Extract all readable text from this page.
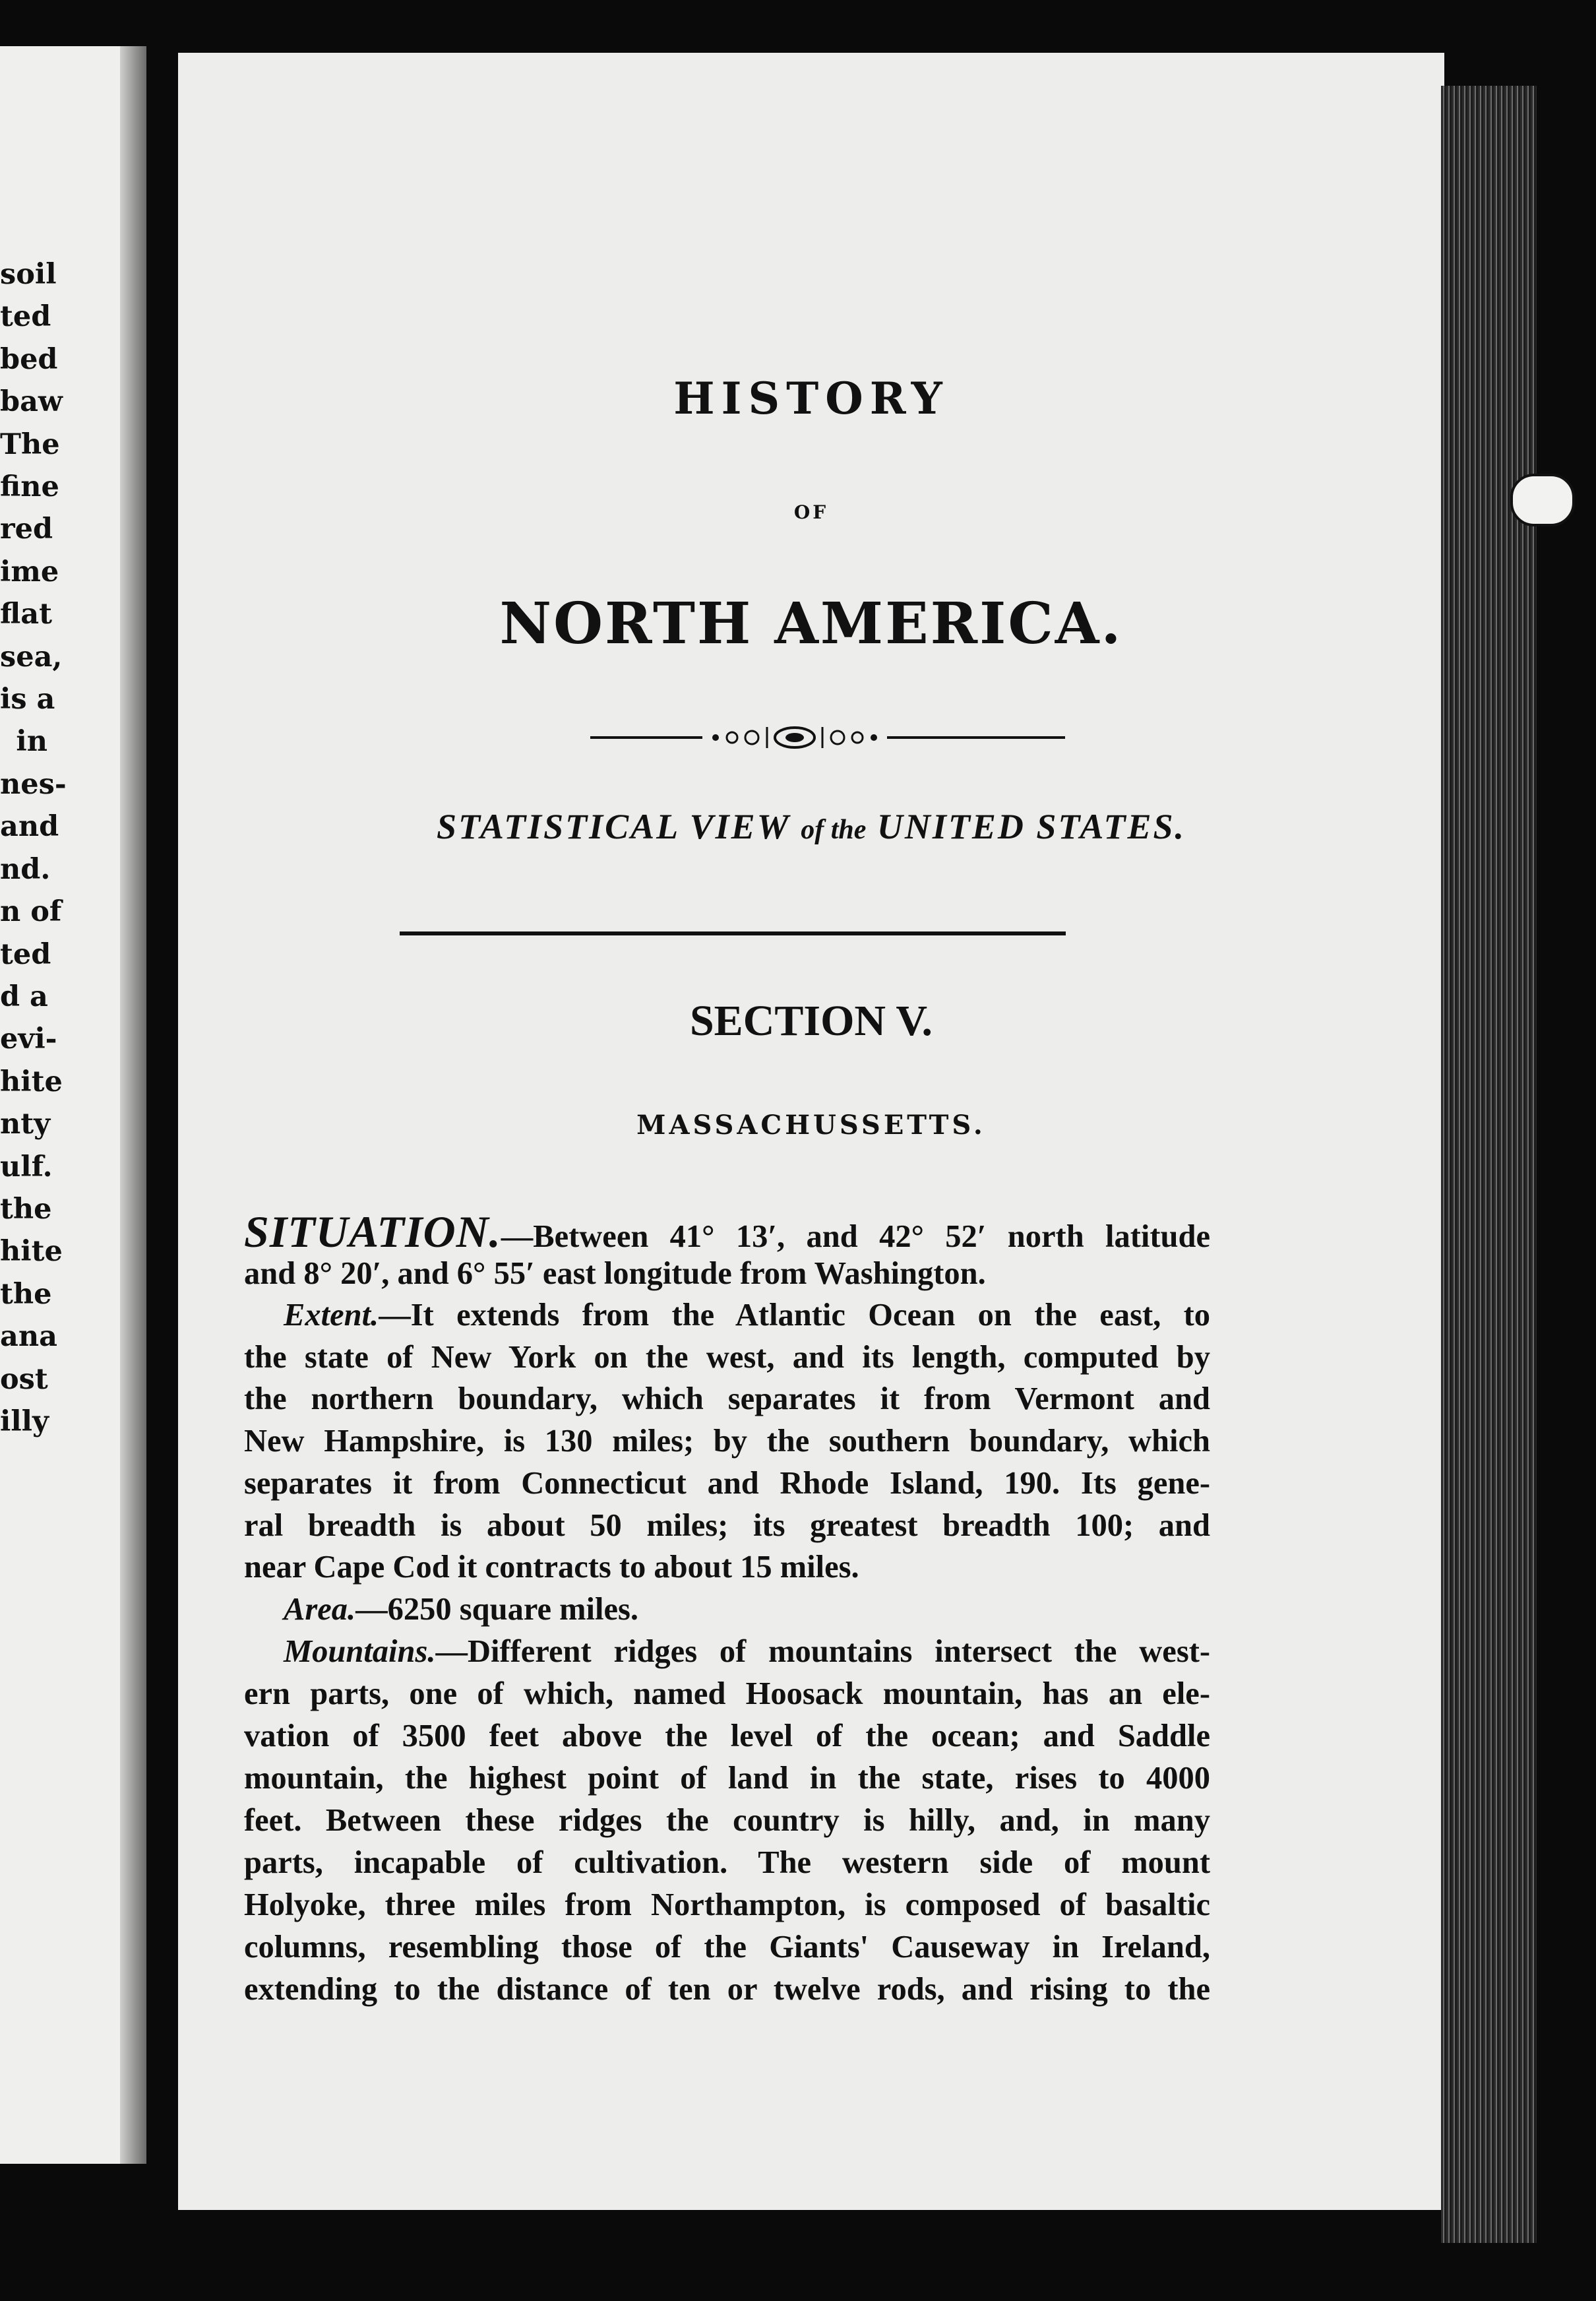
soil
ted
bed
baw
The
fine
red
ime
flat
sea,
is a
in
nes-
and
nd.
n of
ted
d a
evi-
hite
nty
ulf.
the
hite
the
ana
ost
illy
HISTORY
OF
NORTH AMERICA.
STATISTICAL VIEW of the UNITED STATES.
SECTION V.
MASSACHUSSETTS.
SITUATION.—Between 41° 13′, and 42° 52′ north latitude
and 8° 20′, and 6° 55′ east longitude from Washington.
Extent.—It extends from the Atlantic Ocean on the east, to
the state of New York on the west, and its length, computed by
the northern boundary, which separates it from Vermont and
New Hampshire, is 130 miles; by the southern boundary, which
separates it from Connecticut and Rhode Island, 190. Its gene-
ral breadth is about 50 miles; its greatest breadth 100; and
near Cape Cod it contracts to about 15 miles.
Area.—6250 square miles.
Mountains.—Different ridges of mountains intersect the west-
ern parts, one of which, named Hoosack mountain, has an ele-
vation of 3500 feet above the level of the ocean; and Saddle
mountain, the highest point of land in the state, rises to 4000
feet. Between these ridges the country is hilly, and, in many
parts, incapable of cultivation. The western side of mount
Holyoke, three miles from Northampton, is composed of basaltic
columns, resembling those of the Giants' Causeway in Ireland,
extending to the distance of ten or twelve rods, and rising to the
